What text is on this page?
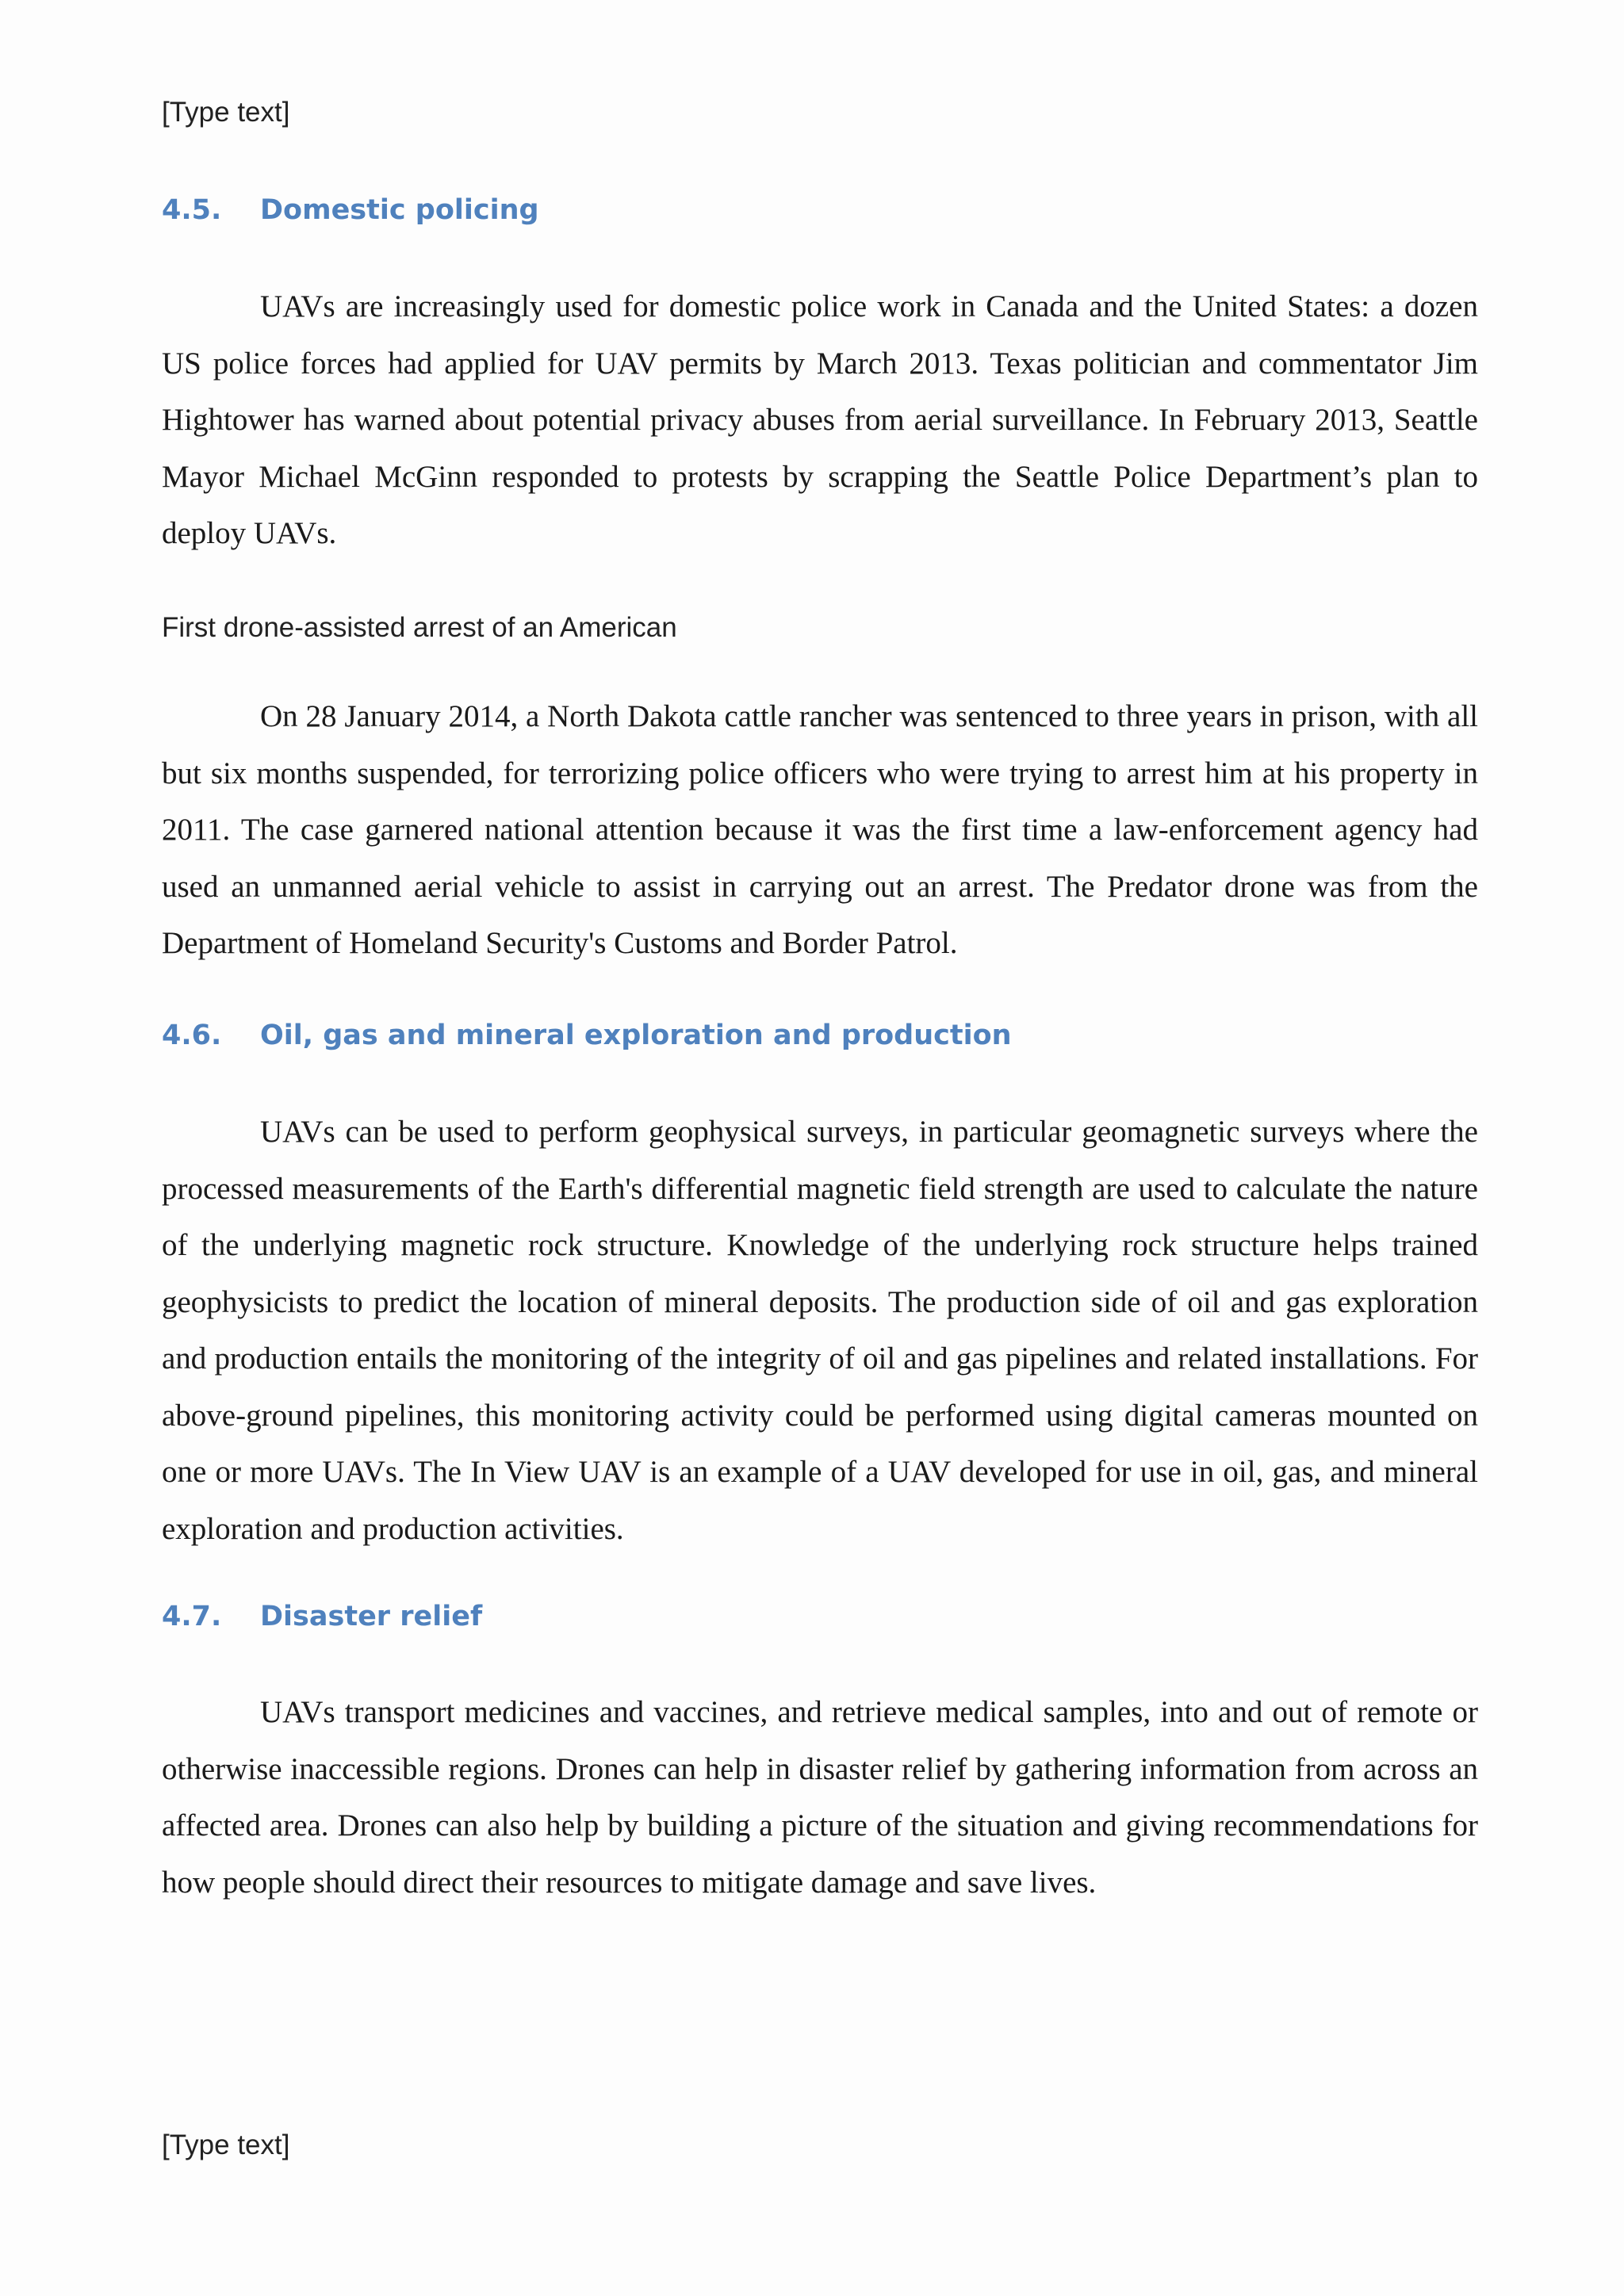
[Type text]
4.5. Domestic policing

UAVs are increasingly used for domestic police work in Canada and the United States: a dozen US police forces had applied for UAV permits by March 2013. Texas politician and commentator Jim Hightower has warned about potential privacy abuses from aerial surveillance. In February 2013, Seattle Mayor Michael McGinn responded to protests by scrapping the Seattle Police Department’s plan to deploy UAVs.

First drone-assisted arrest of an American

On 28 January 2014, a North Dakota cattle rancher was sentenced to three years in prison, with all but six months suspended, for terrorizing police officers who were trying to arrest him at his property in 2011. The case garnered national attention because it was the first time a law-enforcement agency had used an unmanned aerial vehicle to assist in carrying out an arrest. The Predator drone was from the Department of Homeland Security's Customs and Border Patrol.

4.6. Oil, gas and mineral exploration and production

UAVs can be used to perform geophysical surveys, in particular geomagnetic surveys where the processed measurements of the Earth's differential magnetic field strength are used to calculate the nature of the underlying magnetic rock structure. Knowledge of the underlying rock structure helps trained geophysicists to predict the location of mineral deposits. The production side of oil and gas exploration and production entails the monitoring of the integrity of oil and gas pipelines and related installations. For above-ground pipelines, this monitoring activity could be performed using digital cameras mounted on one or more UAVs. The In View UAV is an example of a UAV developed for use in oil, gas, and mineral exploration and production activities.

4.7. Disaster relief

UAVs transport medicines and vaccines, and retrieve medical samples, into and out of remote or otherwise inaccessible regions. Drones can help in disaster relief by gathering information from across an affected area. Drones can also help by building a picture of the situation and giving recommendations for how people should direct their resources to mitigate damage and save lives.

[Type text]
